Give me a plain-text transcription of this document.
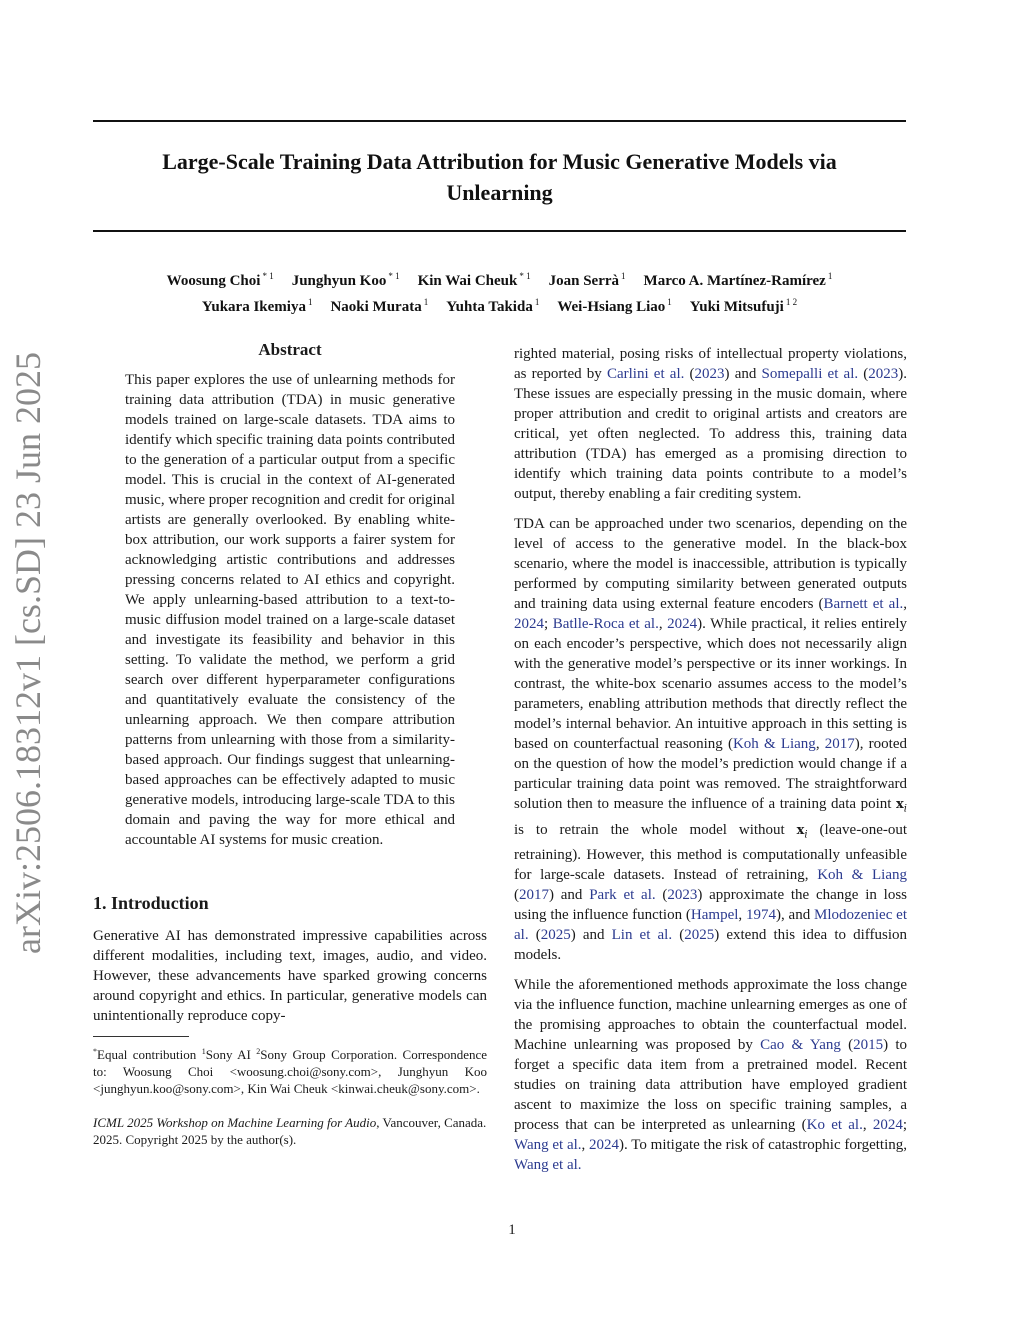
arXiv:2506.18312v1 [cs.SD] 23 Jun 2025
Large-Scale Training Data Attribution for Music Generative Models via
Unlearning
Woosung Choi $^{* 1}$ Junghyun Koo $^{* 1}$ Kin Wai Cheuk $^{* 1}$ Joan Serrà $^1$ Marco A. Martínez-Ramírez $^1$
Yukara Ikemiya $^1$ Naoki Murata $^1$ Yuhta Takida $^1$ Wei-Hsiang Liao $^1$ Yuki Mitsufuji $^{1 2}$
Abstract

This paper explores the use of unlearning methods for training data attribution (TDA) in music generative models trained on large-scale datasets. TDA aims to identify which specific training data points contributed to the generation of a particular output from a specific model. This is crucial in the context of AI-generated music, where proper recognition and credit for original artists are generally overlooked. By enabling white-box attribution, our work supports a fairer system for acknowledging artistic contributions and addresses pressing concerns related to AI ethics and copyright. We apply unlearning-based attribution to a text-to-music diffusion model trained on a large-scale dataset and investigate its feasibility and behavior in this setting. To validate the method, we perform a grid search over different hyperparameter configurations and quantitatively evaluate the consistency of the unlearning approach. We then compare attribution patterns from unlearning with those from a similarity-based approach. Our findings suggest that unlearning-based approaches can be effectively adapted to music generative models, introducing large-scale TDA to this domain and paving the way for more ethical and accountable AI systems for music creation.

1. Introduction

Generative AI has demonstrated impressive capabilities across different modalities, including text, images, audio, and video. However, these advancements have sparked growing concerns around copyright and ethics. In particular, generative models can unintentionally reproduce copy-

*Equal contribution $^1$Sony AI $^2$Sony Group Corporation. Correspondence to: Woosung Choi <woosung.choi@sony.com>, Junghyun Koo <junghyun.koo@sony.com>, Kin Wai Cheuk <kinwai.cheuk@sony.com>.

ICML 2025 Workshop on Machine Learning for Audio, Vancouver, Canada. 2025. Copyright 2025 by the author(s).

righted material, posing risks of intellectual property violations, as reported by Carlini et al. (2023) and Somepalli et al. (2023). These issues are especially pressing in the music domain, where proper attribution and credit to original artists and creators are critical, yet often neglected. To address this, training data attribution (TDA) has emerged as a promising direction to identify which training data points contribute to a model’s output, thereby enabling a fair crediting system.

TDA can be approached under two scenarios, depending on the level of access to the generative model. In the black-box scenario, where the model is inaccessible, attribution is typically performed by computing similarity between generated outputs and training data using external feature encoders (Barnett et al., 2024; Batlle-Roca et al., 2024). While practical, it relies entirely on each encoder’s perspective, which does not necessarily align with the generative model’s perspective or its inner workings. In contrast, the white-box scenario assumes access to the model’s parameters, enabling attribution methods that directly reflect the model’s internal behavior. An intuitive approach in this setting is based on counterfactual reasoning (Koh & Liang, 2017), rooted on the question of how the model’s prediction would change if a particular training data point was removed. The straightforward solution then to measure the influence of a training data point $x_i$ is to retrain the whole model without $x_i$ (leave-one-out retraining). However, this method is computationally unfeasible for large-scale datasets. Instead of retraining, Koh & Liang (2017) and Park et al. (2023) approximate the change in loss using the influence function (Hampel, 1974), and Mlodozeniec et al. (2025) and Lin et al. (2025) extend this idea to diffusion models.

While the aforementioned methods approximate the loss change via the influence function, machine unlearning emerges as one of the promising approaches to obtain the counterfactual model. Machine unlearning was proposed by Cao & Yang (2015) to forget a specific data item from a pretrained model. Recent studies on training data attribution have employed gradient ascent to maximize the loss on specific training samples, a process that can be interpreted as unlearning (Ko et al., 2024; Wang et al., 2024). To mitigate the risk of catastrophic forgetting, Wang et al.

1
